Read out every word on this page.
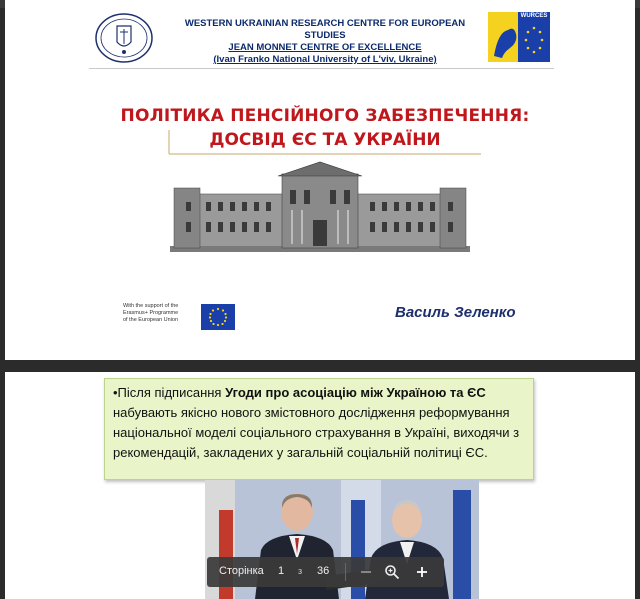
WESTERN UKRAINIAN RESEARCH CENTRE FOR EUROPEAN STUDIES
JEAN MONNET CENTRE OF EXCELLENCE
(Ivan Franko National University of L'viv, Ukraine)
WURCES
ПОЛІТИКА ПЕНСІЙНОГО ЗАБЕЗПЕЧЕННЯ:
ДОСВІД ЄС ТА УКРАЇНИ
With the support of the
Erasmus+ Programme
of the European Union	Василь Зеленко
•Після підписання Угоди про асоціацію між Україною та ЄС набувають якісно нового змістовного дослідження реформування національної моделі соціального страхування в Україні, виходячи з рекомендацій, закладених у загальній соціальній політиці ЄС.
Сторінка 1 з 36
